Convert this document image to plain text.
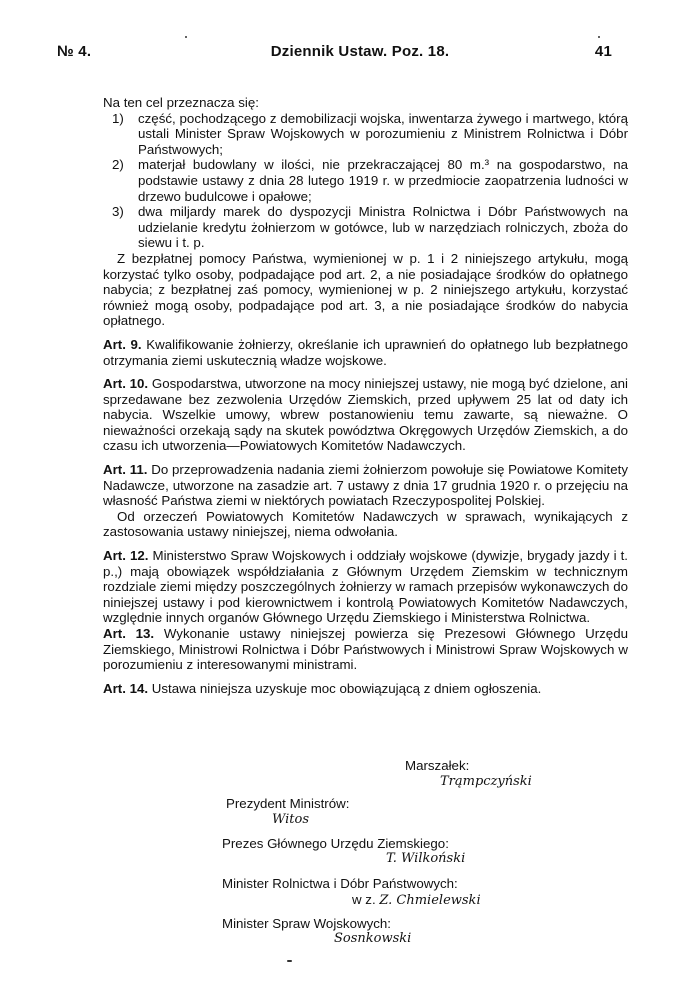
№ 4.	Dziennik Ustaw. Poz. 18.	41

Na ten cel przeznacza się:

1)	część, pochodzącego z demobilizacji wojska, inwentarza żywego i martwego, którą ustali Minister Spraw Wojskowych w porozumieniu z Ministrem Rolnictwa i Dóbr Państwowych;
2)	materjał budowlany w ilości, nie przekraczającej 80 m.³ na gospodarstwo, na podstawie ustawy z dnia 28 lutego 1919 r. w przedmiocie zaopatrzenia ludności w drzewo budulcowe i opałowe;
3)	dwa miljardy marek do dyspozycji Ministra Rolnictwa i Dóbr Państwowych na udzielanie kredytu żołnierzom w gotówce, lub w narzędziach rolniczych, zboża do siewu i t. p.

Z bezpłatnej pomocy Państwa, wymienionej w p. 1 i 2 niniejszego artykułu, mogą korzystać tylko osoby, podpadające pod art. 2, a nie posiadające środków do opłatnego nabycia; z bezpłatnej zaś pomocy, wymienionej w p. 2 niniejszego artykułu, korzystać również mogą osoby, podpadające pod art. 3, a nie posiadające środków do nabycia opłatnego.

Art. 9. Kwalifikowanie żołnierzy, określanie ich uprawnień do opłatnego lub bezpłatnego otrzymania ziemi uskutecznią władze wojskowe.

Art. 10. Gospodarstwa, utworzone na mocy niniejszej ustawy, nie mogą być dzielone, ani sprzedawane bez zezwolenia Urzędów Ziemskich, przed upływem 25 lat od daty ich nabycia. Wszelkie umowy, wbrew postanowieniu temu zawarte, są nieważne. O nieważności orzekają sądy na skutek powództwa Okręgowych Urzędów Ziemskich, a do czasu ich utworzenia—Powiatowych Komitetów Nadawczych.

Art. 11. Do przeprowadzenia nadania ziemi żołnierzom powołuje się Powiatowe Komitety Nadawcze, utworzone na zasadzie art. 7 ustawy z dnia 17 grudnia 1920 r. o przejęciu na własność Państwa ziemi w niektórych powiatach Rzeczypospolitej Polskiej.

Od orzeczeń Powiatowych Komitetów Nadawczych w sprawach, wynikających z zastosowania ustawy niniejszej, niema odwołania.

Art. 12. Ministerstwo Spraw Wojskowych i oddziały wojskowe (dywizje, brygady jazdy i t. p.,) mają obowiązek współdziałania z Głównym Urzędem Ziemskim w technicznym rozdziale ziemi między poszczególnych żołnierzy w ramach przepisów wykonawczych do niniejszej ustawy i pod kierownictwem i kontrolą Powiatowych Komitetów Nadawczych, względnie innych organów Głównego Urzędu Ziemskiego i Ministerstwa Rolnictwa.

Art. 13. Wykonanie ustawy niniejszej powierza się Prezesowi Głównego Urzędu Ziemskiego, Ministrowi Rolnictwa i Dóbr Państwowych i Ministrowi Spraw Wojskowych w porozumieniu z interesowanymi ministrami.

Art. 14. Ustawa niniejsza uzyskuje moc obowiązującą z dniem ogłoszenia.

Marszałek:
Trąmpczyński
Prezydent Ministrów:
Witos
Prezes Głównego Urzędu Ziemskiego:
T. Wilkoński
Minister Rolnictwa i Dóbr Państwowych:
w z. Z. Chmielewski
Minister Spraw Wojskowych:
Sosnkowski
